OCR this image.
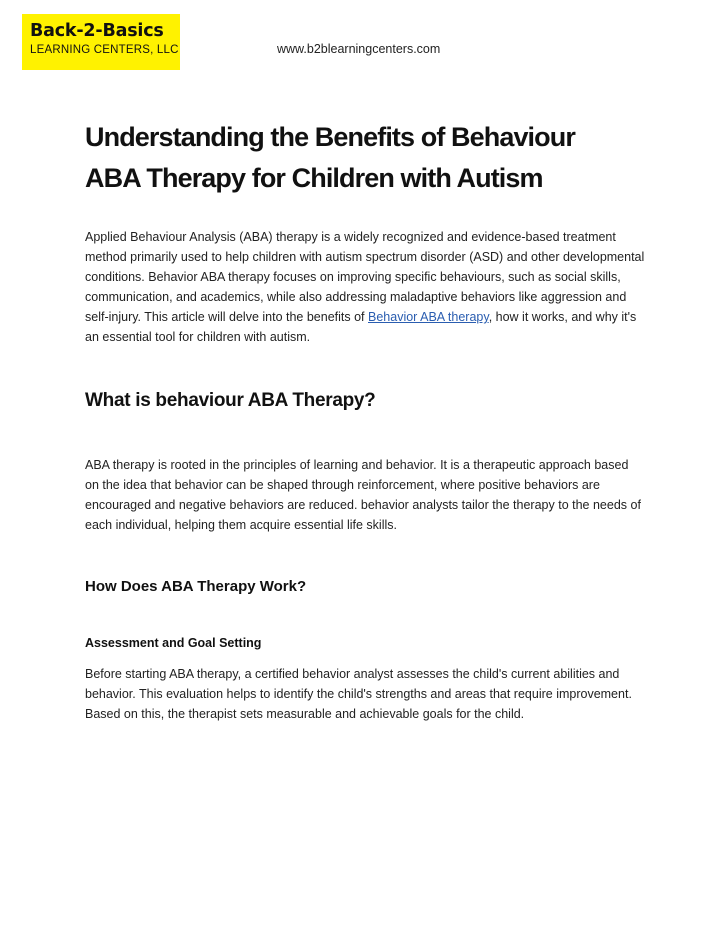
Back-2-Basics
LEARNING CENTERS, LLC	www.b2blearningcenters.com
Understanding the Benefits of Behaviour
ABA Therapy for Children with Autism

Applied Behaviour Analysis (ABA) therapy is a widely recognized and evidence-based treatment method primarily used to help children with autism spectrum disorder (ASD) and other developmental conditions. Behavior ABA therapy focuses on improving specific behaviours, such as social skills, communication, and academics, while also addressing maladaptive behaviors like aggression and self-injury. This article will delve into the benefits of Behavior ABA therapy, how it works, and why it's an essential tool for children with autism.

What is behaviour ABA Therapy?

ABA therapy is rooted in the principles of learning and behavior. It is a therapeutic approach based on the idea that behavior can be shaped through reinforcement, where positive behaviors are encouraged and negative behaviors are reduced. behavior analysts tailor the therapy to the needs of each individual, helping them acquire essential life skills.

How Does ABA Therapy Work?
Assessment and Goal Setting

Before starting ABA therapy, a certified behavior analyst assesses the child's current abilities and behavior. This evaluation helps to identify the child's strengths and areas that require improvement. Based on this, the therapist sets measurable and achievable goals for the child.
